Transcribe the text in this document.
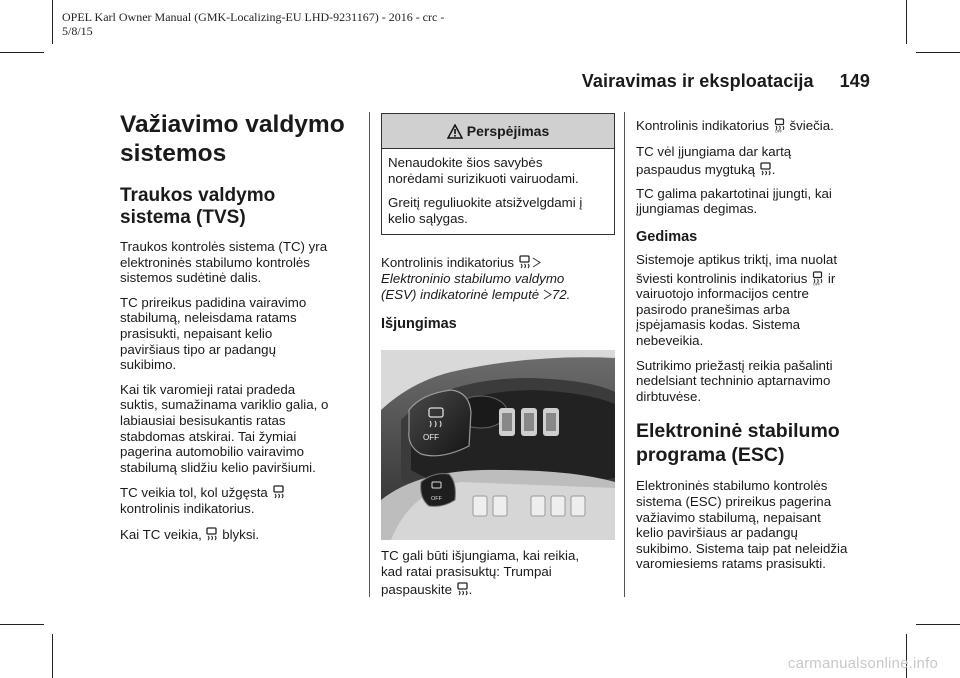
OPEL Karl Owner Manual (GMK-Localizing-EU LHD-9231167) - 2016 - crc -
5/8/15
Vairavimas ir eksploatacija 149
Važiavimo valdymo
sistemos
Traukos valdymo
sistema (TVS)
Traukos kontrolės sistema (TC) yra
elektroninės stabilumo kontrolės
sistemos sudėtinė dalis.
TC prireikus padidina vairavimo
stabilumą, neleisdama ratams
prasisukti, nepaisant kelio
paviršiaus tipo ar padangų
sukibimo.
Kai tik varomieji ratai pradeda
suktis, sumažinama variklio galia, o
labiausiai besisukantis ratas
stabdomas atskirai. Tai žymiai
pagerina automobilio vairavimo
stabilumą slidžiu kelio paviršiumi.
TC veikia tol, kol užgęsta
kontrolinis indikatorius.
Kai TC veikia, blyksi.
Perspėjimas
Nenaudokite šios savybės
norėdami surizikuoti vairuodami.
Greitį reguliuokite atsižvelgdami į
kelio sąlygas.
Kontrolinis indikatorius
Elektroninio stabilumo valdymo
(ESV) indikatorinė lemputė 72.
Išjungimas
OFF
OFF
TC gali būti išjungiama, kai reikia,
kad ratai prasisuktų: Trumpai
paspauskite .
Kontrolinis indikatorius OFF šviečia.
TC vėl įjungiama dar kartą
paspaudus mygtuką .
TC galima pakartotinai įjungti, kai
įjungiamas degimas.
Gedimas
Sistemoje aptikus triktį, ima nuolat
šviesti kontrolinis indikatorius OFF ir
vairuotojo informacijos centre
pasirodo pranešimas arba
įspėjamasis kodas. Sistema
nebeveikia.
Sutrikimo priežastį reikia pašalinti
nedelsiant techninio aptarnavimo
dirbtuvėse.
Elektroninė stabilumo
programa (ESC)
Elektroninės stabilumo kontrolės
sistema (ESC) prireikus pagerina
važiavimo stabilumą, nepaisant
kelio paviršiaus ar padangų
sukibimo. Sistema taip pat neleidžia
varomiesiems ratams prasisukti.
carmanualsonline.info
